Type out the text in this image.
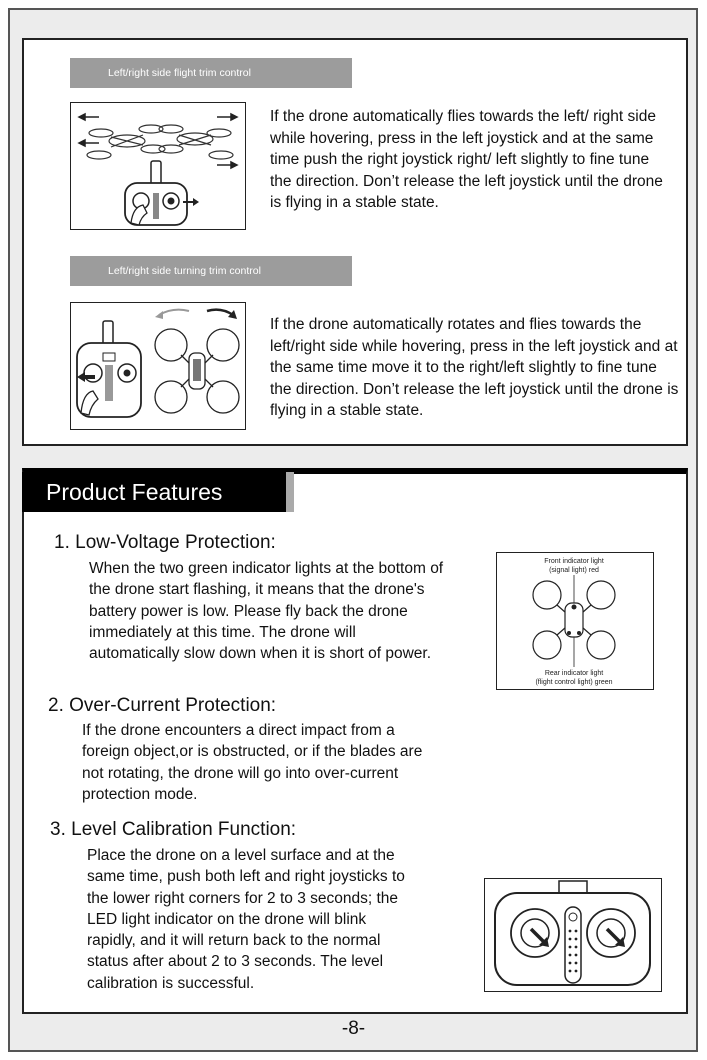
Left/right side flight trim control

If the drone automatically flies towards the left/ right side while hovering, press in the left joystick and at the same time push the right joystick right/ left slightly to fine tune the direction. Don’t release the left joystick until the drone is flying in a stable state.

Left/right side turning trim control

If the drone automatically rotates and flies towards the left/right side while hovering, press in the left joystick and at the same time move it to the right/left slightly to fine tune the direction. Don’t release the left joystick until the drone is flying in a stable state.

Product Features

1. Low-Voltage Protection:

When the two green indicator lights at the bottom of the drone start flashing, it means that the drone's battery power is low. Please fly back the drone immediately at this time. The drone will automatically slow down when it is short of power.

Front indicator light
(signal light) red
Rear indicator light
(flight control light) green

2. Over-Current Protection:

If the drone encounters a direct impact from a foreign object,or is obstructed, or if the blades are not rotating, the drone will go into over-current protection mode.

3. Level Calibration Function:

Place the drone on a level surface and at the same time, push both left and right joysticks to the lower right corners for 2 to 3 seconds; the LED light indicator on the drone will blink rapidly, and it will return back to the normal status after about 2 to 3 seconds. The level calibration is successful.

-8-
